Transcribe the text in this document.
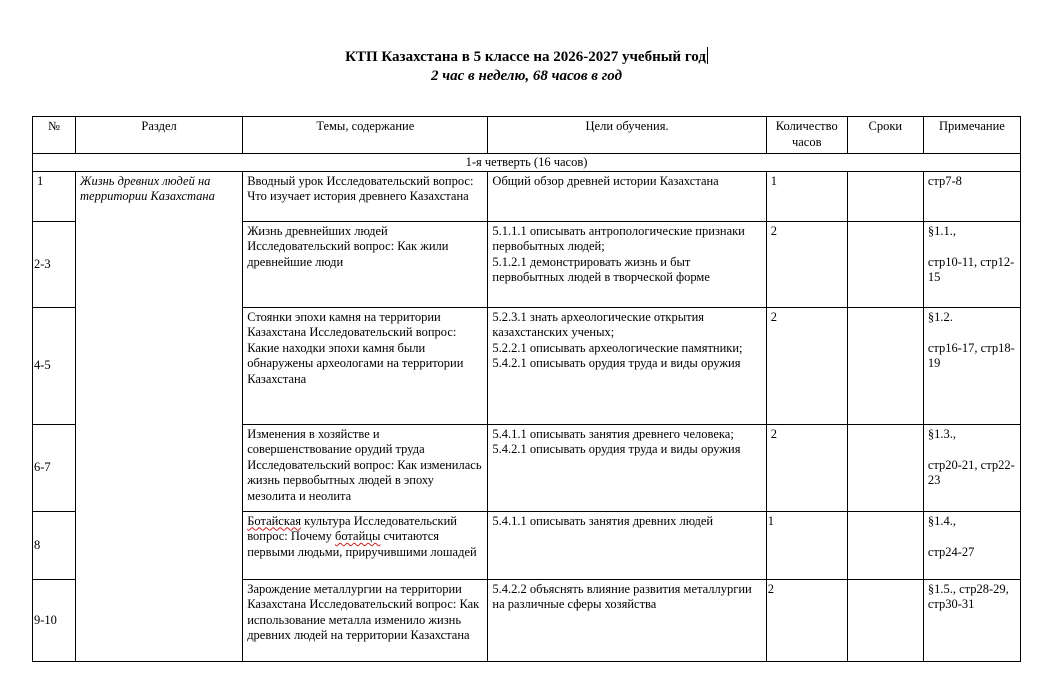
КТП Казахстана в 5 классе на 2026-2027 учебный год
2 час в неделю, 68 часов в год
№	Раздел	Темы, содержание	Цели обучения.	Количество часов	Сроки	Примечание
1-я четверть (16 часов)						
1	Жизнь древних людей на территории Казахстана	Вводный урок Исследовательский вопрос: Что изучает история древнего Казахстана	Общий обзор древней истории Казахстана	1		стр7-8

2-3		Жизнь древнейших людей Исследовательский вопрос: Как жили древнейшие люди	5.1.1.1 описывать антропологические признаки первобытных людей;
5.1.2.1 демонстрировать жизнь и быт первобытных людей в творческой форме	2		§1.1.,

стр10-11, стр12-15

4-5		Стоянки эпохи камня на территории Казахстана Исследовательский вопрос: Какие находки эпохи камня были обнаружены археологами на территории Казахстана	5.2.3.1 знать археологические открытия казахстанских ученых;
5.2.2.1 описывать археологические памятники;
5.4.2.1 описывать орудия труда и виды оружия	2		§1.2.

стр16-17, стр18-19

6-7		Изменения в хозяйстве и совершенствование орудий труда Исследовательский вопрос: Как изменилась жизнь первобытных людей в эпоху мезолита и неолита	5.4.1.1 описывать занятия древнего человека;
5.4.2.1 описывать орудия труда и виды оружия	2		§1.3.,

стр20-21, стр22-23

8		Ботайская культура Исследовательский вопрос: Почему ботайцы считаются первыми людьми, приручившими лошадей	5.4.1.1 описывать занятия древних людей	1		§1.4.,

стр24-27

9-10		Зарождение металлургии на территории Казахстана Исследовательский вопрос: Как использование металла изменило жизнь древних людей на территории Казахстана	5.4.2.2 объяснять влияние развития металлургии на различные сферы хозяйства	2		§1.5., стр28-29, стр30-31
